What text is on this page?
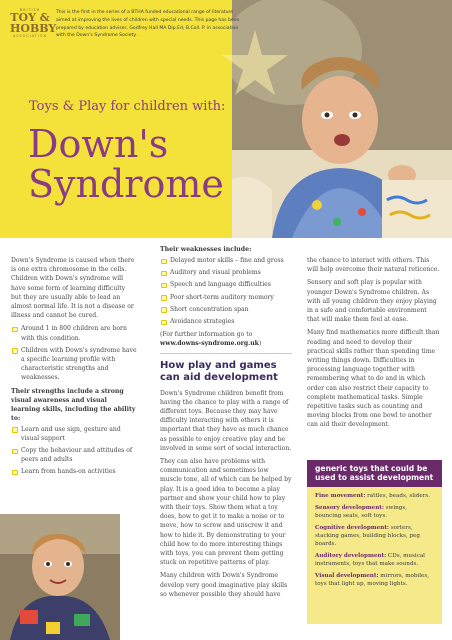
BRITISH
TOY &
HOBBY
ASSOCIATION
This is the first in the series of a BTHA funded educational range of literature aimed at improving the lives of children with special needs. This page has been prepared by education adviser, Godfrey Hall MA Dip.Ed, B.Coll. P. in association with the Down's Syndrome Society.
Toys & Play for children with:
Down's
Syndrome

Down's Syndrome is caused when there is one extra chromosome in the cells. Children with Down's syndrome will have some form of learning difficulty but they are usually able to lead an almost normal life. It is not a disease or illness and cannot be cured.

Around 1 in 800 children are born with this condition.
Children with Down's syndrome have a specific learning profile with characteristic strengths and weaknesses.
Their strengths include a strong visual awareness and visual learning skills, including the ability to:
Learn and use sign, gesture and visual support
Copy the behaviour and attitudes of peers and adults
Learn from hands-on activities
Their weaknesses include:
Delayed motor skills – fine and gross
Auditory and visual problems
Speech and language difficulties
Poor short-term auditory memory
Short concentration span
Avoidance strategies

(For further information go to
www.downs-syndrome.org.uk)

How play and games can aid development

Down's Syndrome children benefit from having the chance to play with a range of different toys. Because they may have difficulty interacting with others it is important that they have as much chance as possible to enjoy creative play and be involved in some sort of social interaction.

They can also have problems with communication and sometimes low muscle tone, all of which can be helped by play. It is a good idea to become a play partner and show your child how to play with their toys. Show them what a toy does, how to get it to make a noise or to move, how to screw and unscrew it and how to hide it. By demonstrating to your child how to do more interesting things with toys, you can prevent them getting stuck on repetitive patterns of play.

Many children with Down's Syndrome develop very good imaginative play skills so whenever possible they should have

the chance to interact with others. This will help overcome their natural reticence.

Sensory and soft play is popular with younger Down's Syndrome children. As with all young children they enjoy playing in a safe and comfortable environment that will make them feel at ease.

Many find mathematics more difficult than reading and need to develop their practical skills rather than spending time writing things down. Difficulties in processing language together with remembering what to do and in which order can also restrict their capacity to complete mathematical tasks. Simple repetitive tasks such as counting and moving blocks from one bowl to another can aid their development.

generic toys that could be used to assist development

Fine movement: rattles, beads, sliders.

Sensory development: swings, bouncing seats, soft toys.

Cognitive development: sorters, stacking games, building blocks, peg boards.

Auditory development: CDs, musical instruments, toys that make sounds.

Visual development: mirrors, mobiles, toys that light up, moving lights.
